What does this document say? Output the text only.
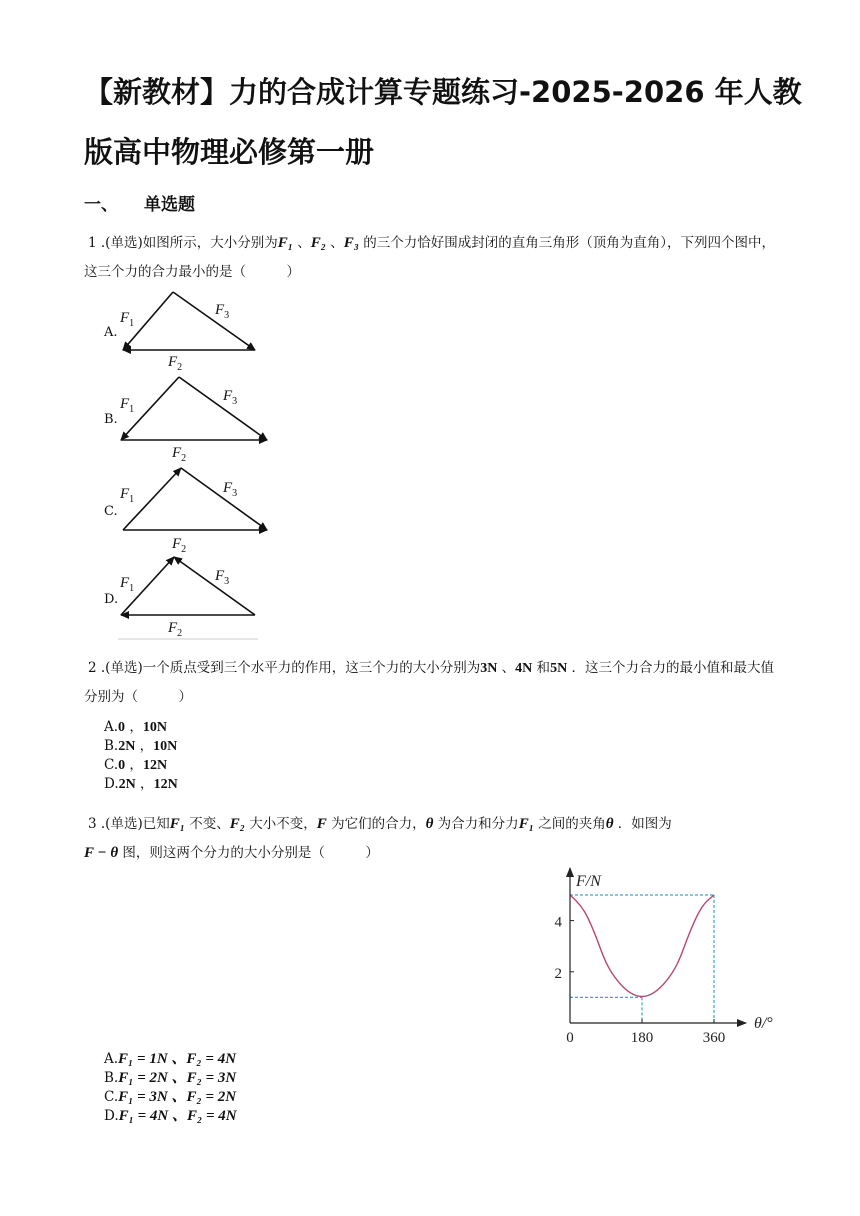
【新教材】力的合成计算专题练习-2025-2026 年人教版高中物理必修第一册
一、 单选题

1 .(单选)如图所示，大小分别为F₁ 、F₂ 、F₃ 的三个力恰好围成封闭的直角三角形（顶角为直角），下列四个图中，这三个力的合力最小的是（　　　）

A.
B.
C.
D.
$F_1$
$F_3$
$F_2$
$F_1$
$F_3$
$F_2$
$F_1$
$F_3$
$F_2$
$F_1$
$F_3$
$F_2$

2 .(单选)一个质点受到三个水平力的作用，这三个力的大小分别为3N 、4N 和5N ．这三个力合力的最小值和最大值分别为（　　　）

A.0 ，10N
B.2N ，10N
C.0 ，12N
D.2N ，12N

3 .(单选)已知F₁ 不变、F₂ 大小不变，F 为它们的合力，θ 为合力和分力F₁ 之间的夹角θ ．如图为
F − θ 图，则这两个分力的大小分别是（　　　）

0	180	360
2
4
F/N
θ/°
A.F₁ = 1N 、F₂ = 4N
B.F₁ = 2N 、F₂ = 3N
C.F₁ = 3N 、F₂ = 2N
D.F₁ = 4N 、F₂ = 4N
